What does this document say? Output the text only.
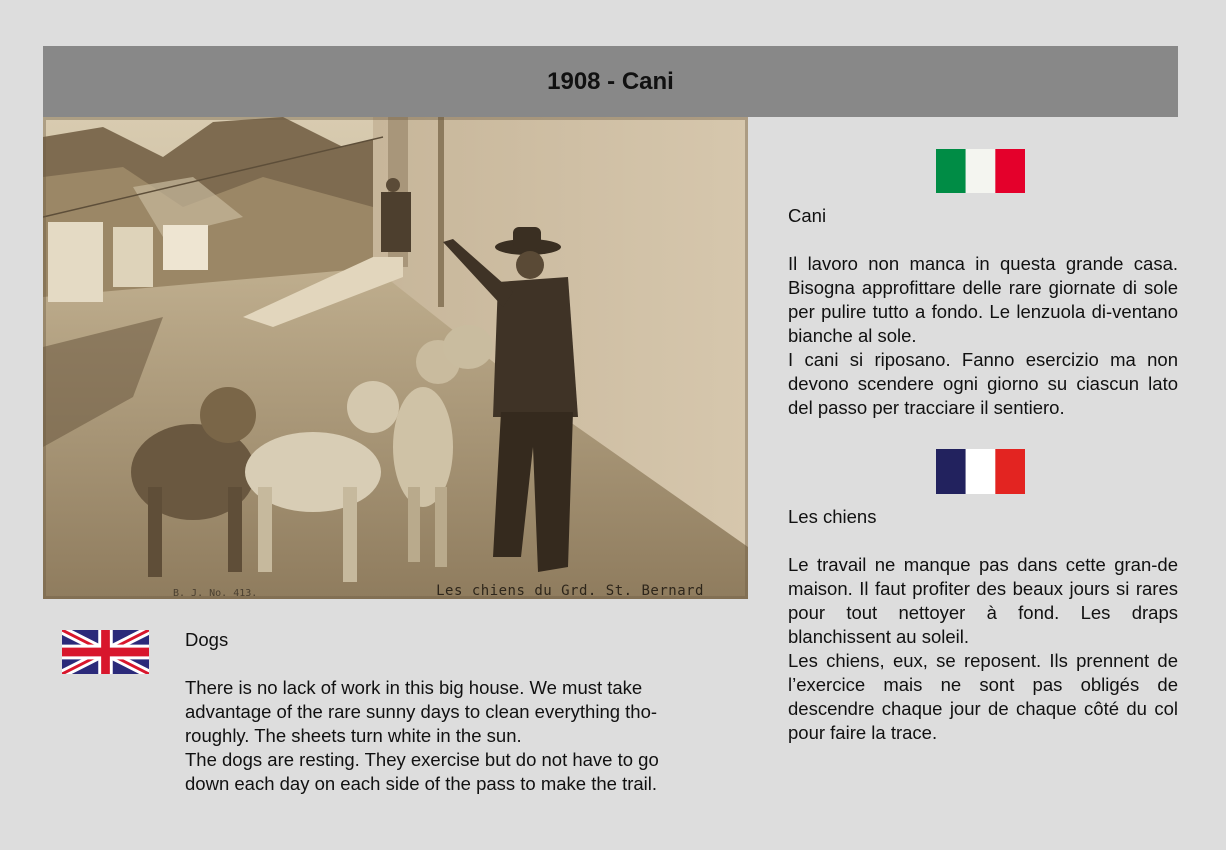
1908 - Cani
B. J. No. 413.	Les chiens du Grd. St. Bernard
Cani

Il lavoro non manca in questa grande casa. Bisogna approfittare delle rare giornate di sole per pulire tutto a fondo. Le lenzuola di-ventano bianche al sole.
I cani si riposano. Fanno esercizio ma non devono scendere ogni giorno su ciascun lato del passo per tracciare il sentiero.

Les chiens

Le travail ne manque pas dans cette gran-de maison. Il faut profiter des beaux jours si rares pour tout nettoyer à fond. Les draps blanchissent au soleil.
Les chiens, eux, se reposent. Ils prennent de l’exercice mais ne sont pas obligés de descendre chaque jour de chaque côté du col pour faire la trace.

Dogs

There is no lack of work in this big house. We must take advantage of the rare sunny days to clean everything tho-roughly. The sheets turn white in the sun.
The dogs are resting. They exercise but do not have to go down each day on each side of the pass to make the trail.
